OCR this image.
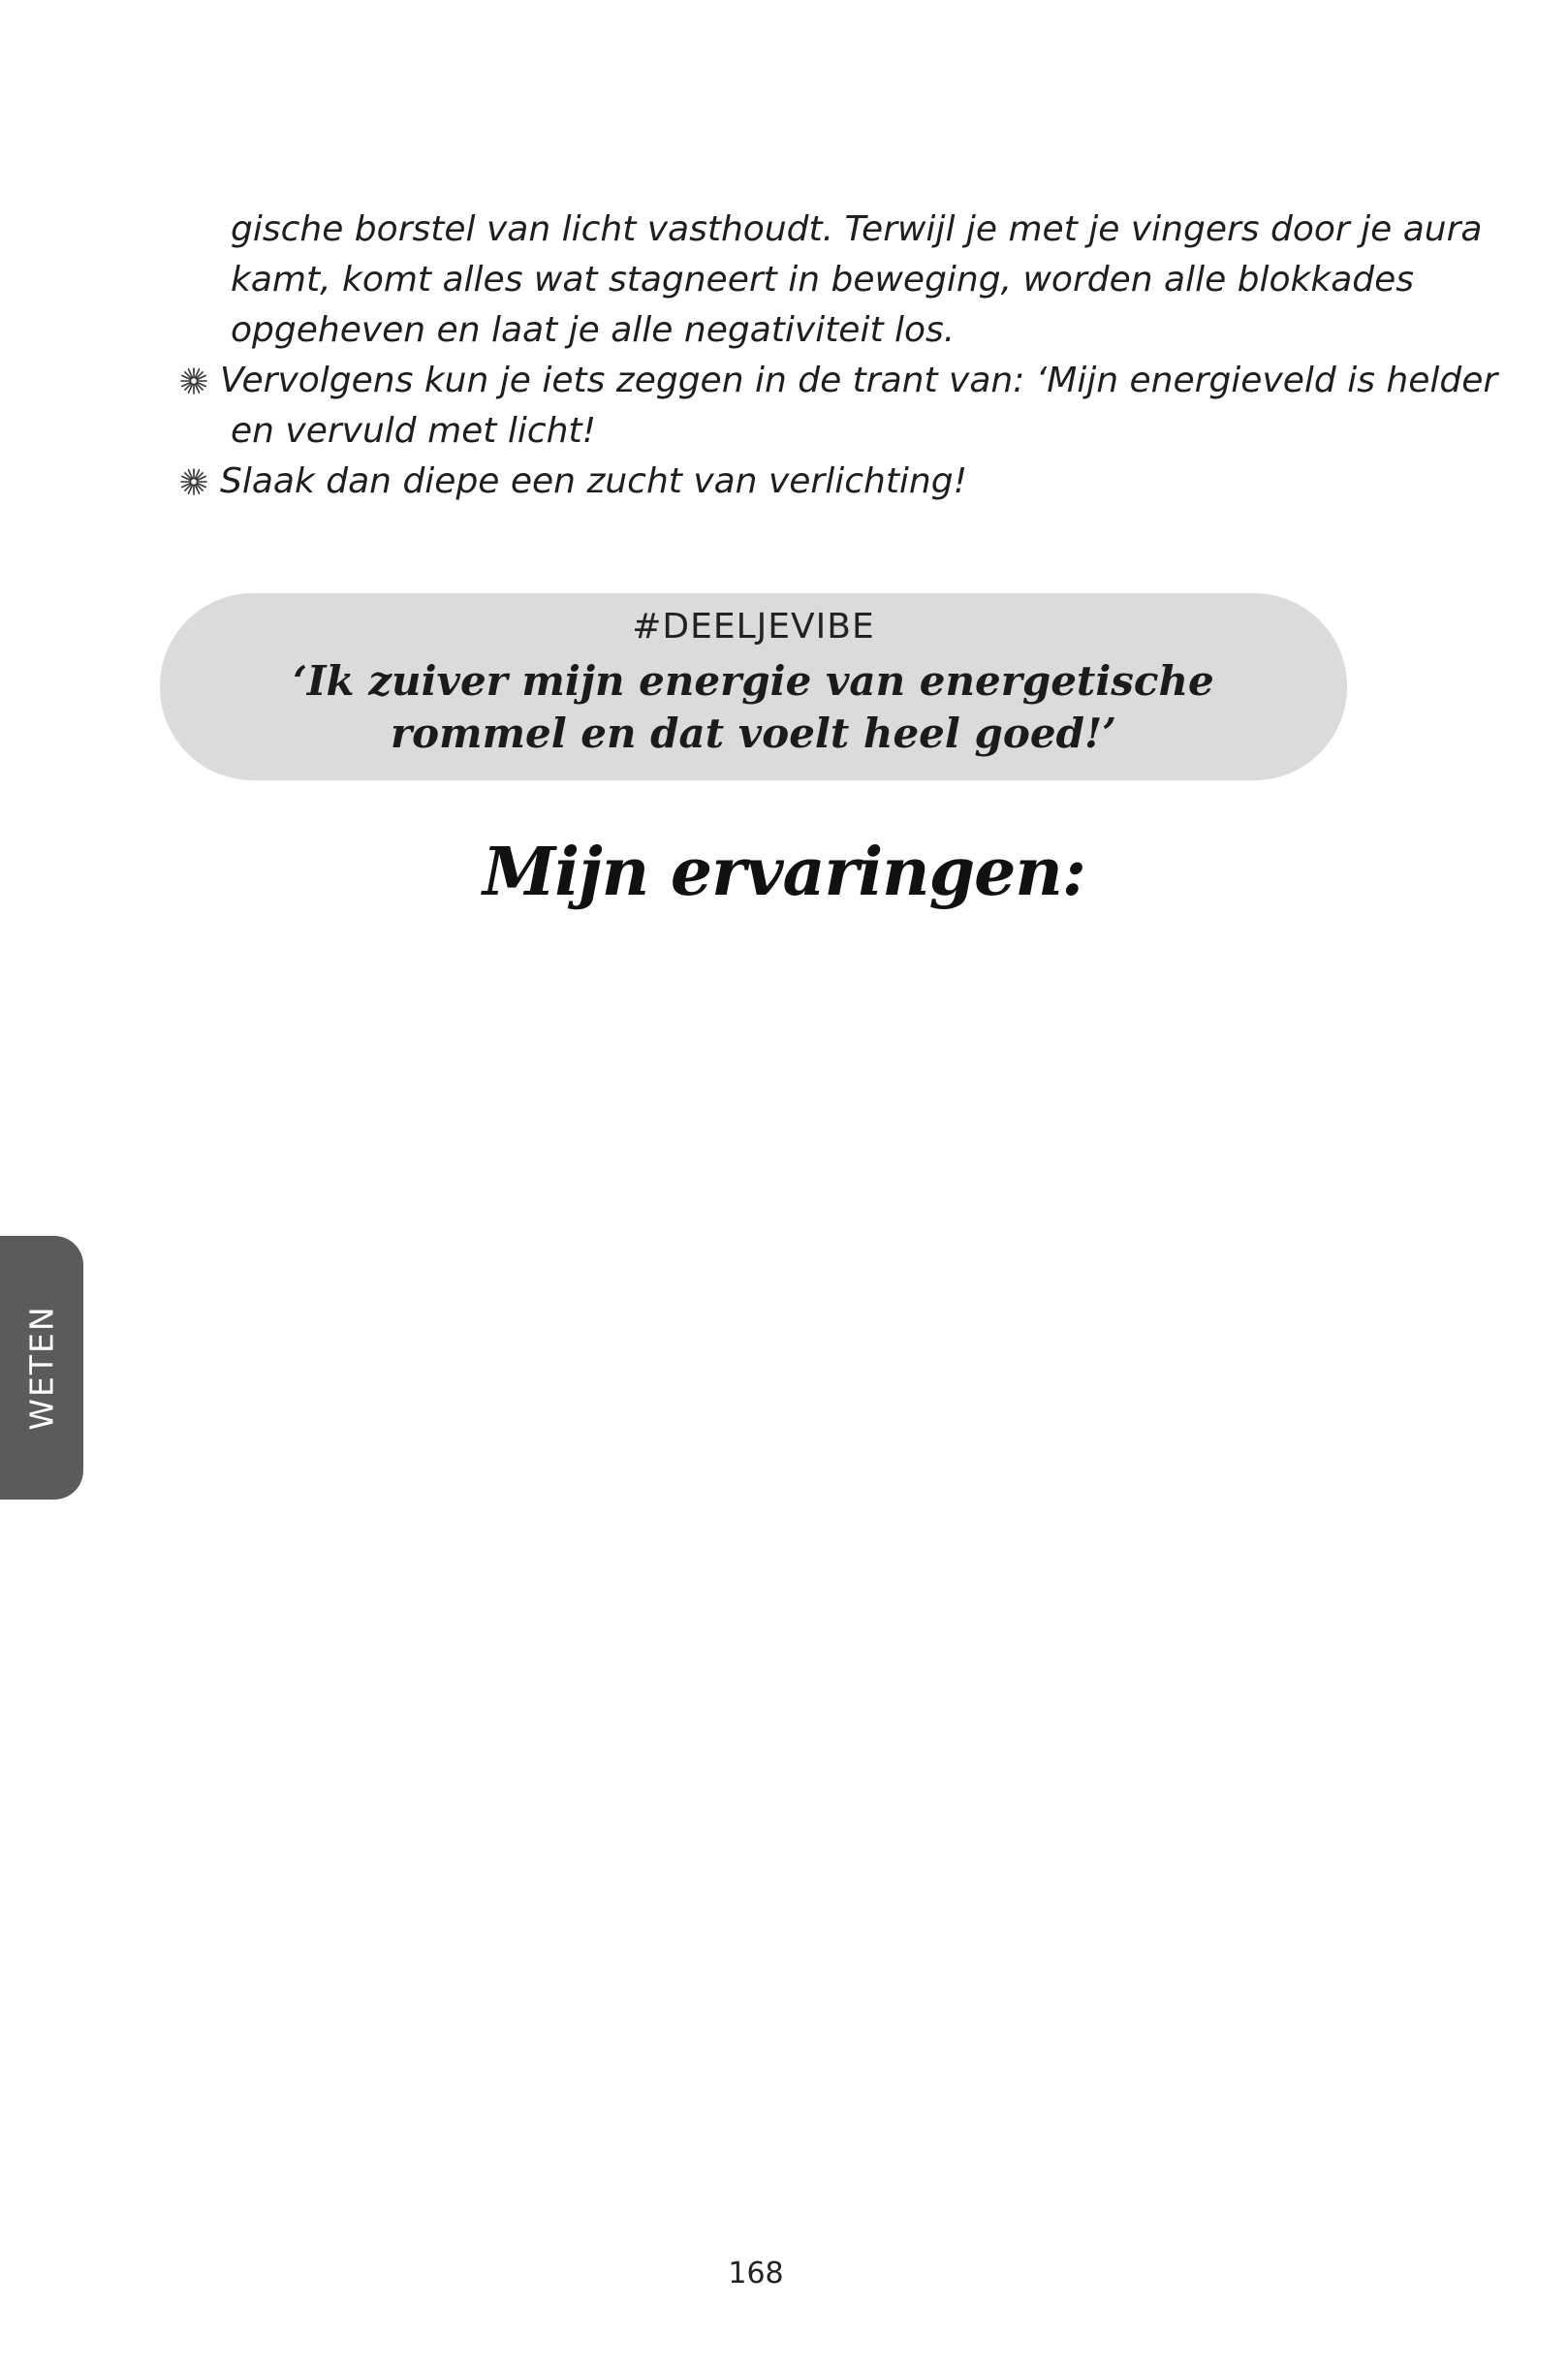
gische borstel van licht vasthoudt. Terwijl je met je vingers door je aura
kamt, komt alles wat stagneert in beweging, worden alle blokkades
opgeheven en laat je alle negativiteit los.
Vervolgens kun je iets zeggen in de trant van: ‘Mijn energieveld is helder
en vervuld met licht!
Slaak dan diepe een zucht van verlichting!
#DEELJEVIBE
‘Ik zuiver mijn energie van energetische
rommel en dat voelt heel goed!’
Mijn ervaringen:
WETEN
168
